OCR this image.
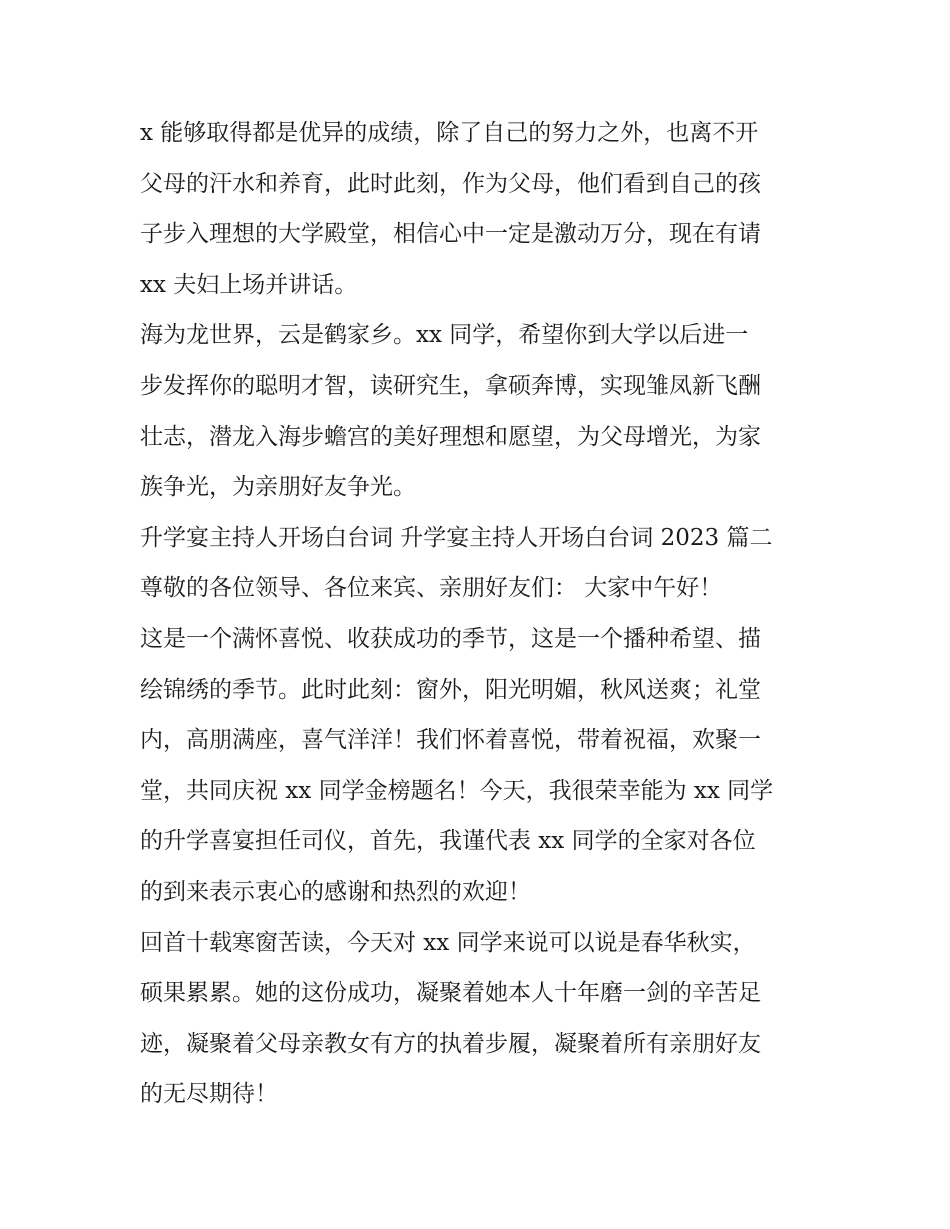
x 能够取得都是优异的成绩，除了自己的努力之外，也离不开
父母的汗水和养育，此时此刻，作为父母，他们看到自己的孩
子步入理想的大学殿堂，相信心中一定是激动万分，现在有请
xx 夫妇上场并讲话。
海为龙世界，云是鹤家乡。xx 同学，希望你到大学以后进一
步发挥你的聪明才智，读研究生，拿硕奔博，实现雏凤新飞酬
壮志，潜龙入海步蟾宫的美好理想和愿望，为父母增光，为家
族争光，为亲朋好友争光。
升学宴主持人开场白台词 升学宴主持人开场白台词 2023 篇二
尊敬的各位领导、各位来宾、亲朋好友们： 大家中午好！
这是一个满怀喜悦、收获成功的季节，这是一个播种希望、描
绘锦绣的季节。此时此刻：窗外，阳光明媚，秋风送爽；礼堂
内，高朋满座，喜气洋洋！我们怀着喜悦，带着祝福，欢聚一
堂，共同庆祝 xx 同学金榜题名！今天，我很荣幸能为 xx 同学
的升学喜宴担任司仪，首先，我谨代表 xx 同学的全家对各位
的到来表示衷心的感谢和热烈的欢迎！
回首十载寒窗苦读，今天对 xx 同学来说可以说是春华秋实，
硕果累累。她的这份成功，凝聚着她本人十年磨一剑的辛苦足
迹，凝聚着父母亲教女有方的执着步履，凝聚着所有亲朋好友
的无尽期待！
